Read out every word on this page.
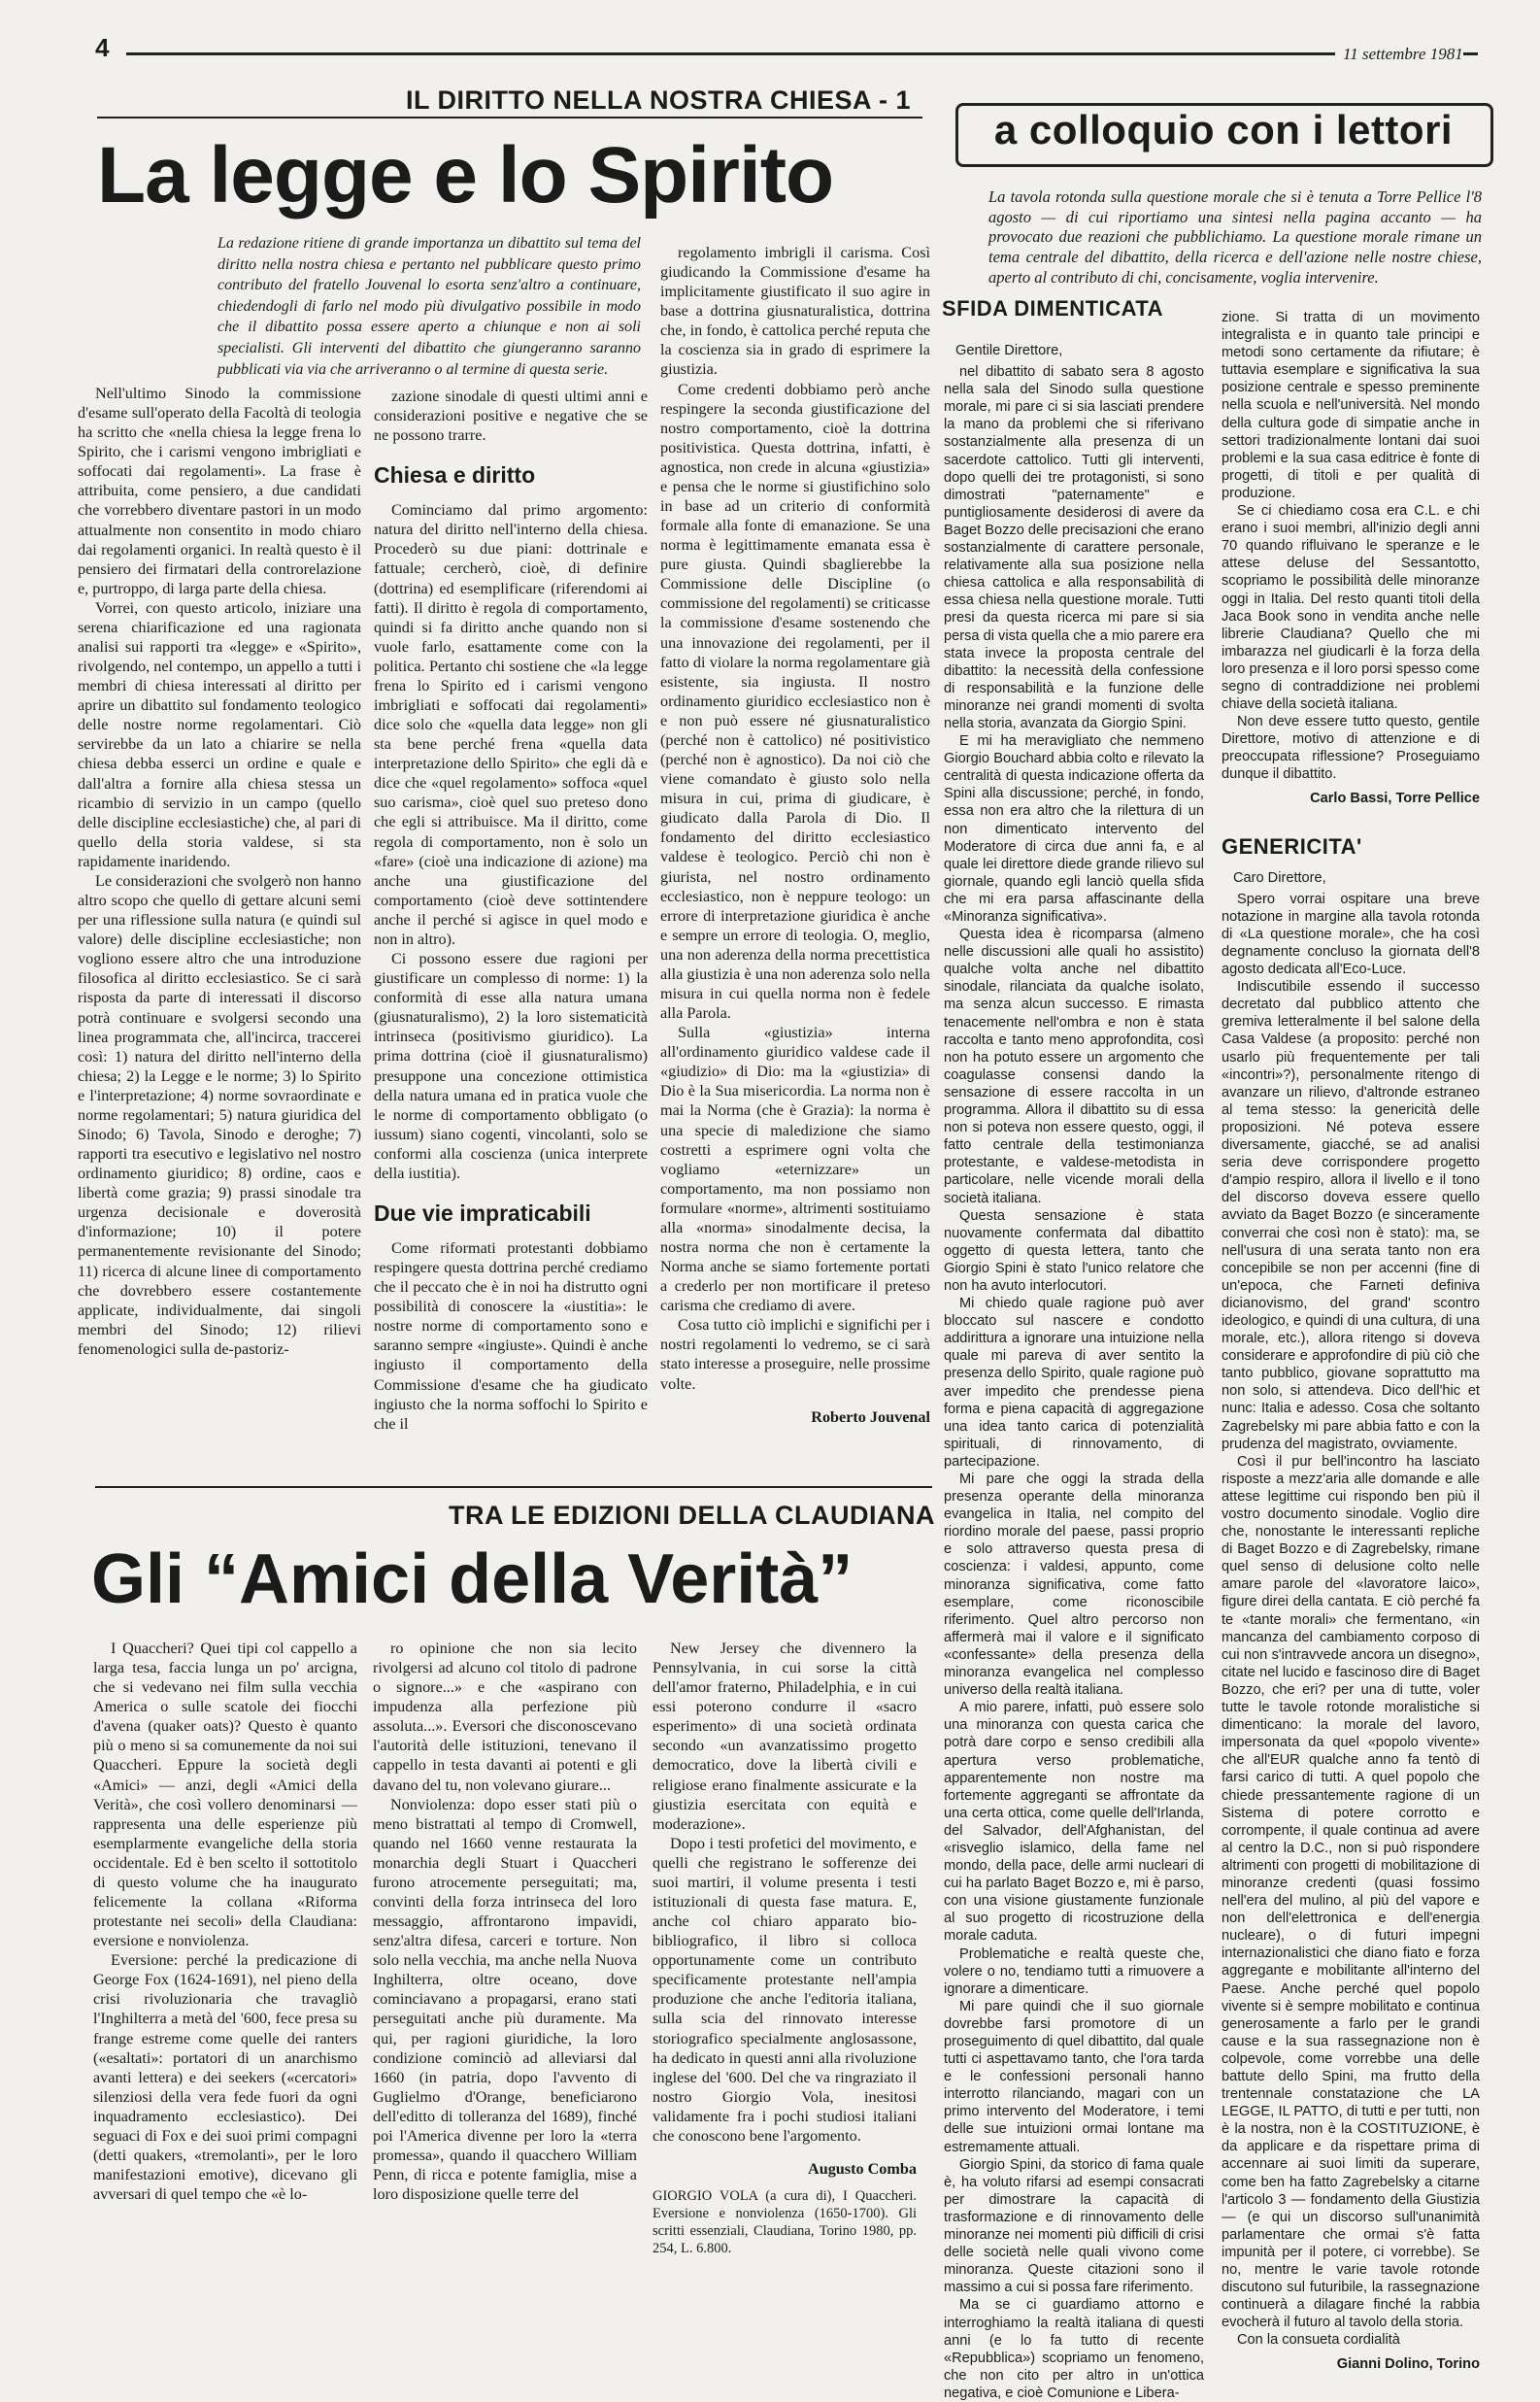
4	11 settembre 1981
IL DIRITTO NELLA NOSTRA CHIESA - 1
La legge e lo Spirito
La redazione ritiene di grande importanza un dibattito sul tema del diritto nella nostra chiesa e pertanto nel pubblicare questo primo contributo del fratello Jouvenal lo esorta senz'altro a continuare, chiedendogli di farlo nel modo più divulgativo possibile in modo che il dibattito possa essere aperto a chiunque e non ai soli specialisti. Gli interventi del dibattito che giungeranno saranno pubblicati via via che arriveranno o al termine di questa serie.

Nell'ultimo Sinodo la commissione d'esame sull'operato della Facoltà di teologia ha scritto che «nella chiesa la legge frena lo Spirito, che i carismi vengono imbrigliati e soffocati dai regolamenti». La frase è attribuita, come pensiero, a due candidati che vorrebbero diventare pastori in un modo attualmente non consentito in modo chiaro dai regolamenti organici. In realtà questo è il pensiero dei firmatari della controrelazione e, purtroppo, di larga parte della chiesa.

Vorrei, con questo articolo, iniziare una serena chiarificazione ed una ragionata analisi sui rapporti tra «legge» e «Spirito», rivolgendo, nel contempo, un appello a tutti i membri di chiesa interessati al diritto per aprire un dibattito sul fondamento teologico delle nostre norme regolamentari. Ciò servirebbe da un lato a chiarire se nella chiesa debba esserci un ordine e quale e dall'altra a fornire alla chiesa stessa un ricambio di servizio in un campo (quello delle discipline ecclesiastiche) che, al pari di quello della storia valdese, si sta rapidamente inaridendo.

Le considerazioni che svolgerò non hanno altro scopo che quello di gettare alcuni semi per una riflessione sulla natura (e quindi sul valore) delle discipline ecclesiastiche; non vogliono essere altro che una introduzione filosofica al diritto ecclesiastico. Se ci sarà risposta da parte di interessati il discorso potrà continuare e svolgersi secondo una linea programmata che, all'incirca, traccerei così: 1) natura del diritto nell'interno della chiesa; 2) la Legge e le norme; 3) lo Spirito e l'interpretazione; 4) norme sovraordinate e norme regolamentari; 5) natura giuridica del Sinodo; 6) Tavola, Sinodo e deroghe; 7) rapporti tra esecutivo e legislativo nel nostro ordinamento giuridico; 8) ordine, caos e libertà come grazia; 9) prassi sinodale tra urgenza decisionale e doverosità d'informazione; 10) il potere permanentemente revisionante del Sinodo; 11) ricerca di alcune linee di comportamento che dovrebbero essere costantemente applicate, individualmente, dai singoli membri del Sinodo; 12) rilievi fenomenologici sulla de-pastoriz-

zazione sinodale di questi ultimi anni e considerazioni positive e negative che se ne possono trarre.

Chiesa e diritto

Cominciamo dal primo argomento: natura del diritto nell'interno della chiesa. Procederò su due piani: dottrinale e fattuale; cercherò, cioè, di definire (dottrina) ed esemplificare (riferendomi ai fatti). Il diritto è regola di comportamento, quindi si fa diritto anche quando non si vuole farlo, esattamente come con la politica. Pertanto chi sostiene che «la legge frena lo Spirito ed i carismi vengono imbrigliati e soffocati dai regolamenti» dice solo che «quella data legge» non gli sta bene perché frena «quella data interpretazione dello Spirito» che egli dà e dice che «quel regolamento» soffoca «quel suo carisma», cioè quel suo preteso dono che egli si attribuisce. Ma il diritto, come regola di comportamento, non è solo un «fare» (cioè una indicazione di azione) ma anche una giustificazione del comportamento (cioè deve sottintendere anche il perché si agisce in quel modo e non in altro).

Ci possono essere due ragioni per giustificare un complesso di norme: 1) la conformità di esse alla natura umana (giusnaturalismo), 2) la loro sistematicità intrinseca (positivismo giuridico). La prima dottrina (cioè il giusnaturalismo) presuppone una concezione ottimistica della natura umana ed in pratica vuole che le norme di comportamento obbligato (o iussum) siano cogenti, vincolanti, solo se conformi alla coscienza (unica interprete della iustitia).

Due vie impraticabili

Come riformati protestanti dobbiamo respingere questa dottrina perché crediamo che il peccato che è in noi ha distrutto ogni possibilità di conoscere la «iustitia»: le nostre norme di comportamento sono e saranno sempre «ingiuste». Quindi è anche ingiusto il comportamento della Commissione d'esame che ha giudicato ingiusto che la norma soffochi lo Spirito e che il

regolamento imbrigli il carisma. Così giudicando la Commissione d'esame ha implicitamente giustificato il suo agire in base a dottrina giusnaturalistica, dottrina che, in fondo, è cattolica perché reputa che la coscienza sia in grado di esprimere la giustizia.

Come credenti dobbiamo però anche respingere la seconda giustificazione del nostro comportamento, cioè la dottrina positivistica. Questa dottrina, infatti, è agnostica, non crede in alcuna «giustizia» e pensa che le norme si giustifichino solo in base ad un criterio di conformità formale alla fonte di emanazione. Se una norma è legittimamente emanata essa è pure giusta. Quindi sbaglierebbe la Commissione delle Discipline (o commissione del regolamenti) se criticasse la commissione d'esame sostenendo che una innovazione dei regolamenti, per il fatto di violare la norma regolamentare già esistente, sia ingiusta. Il nostro ordinamento giuridico ecclesiastico non è e non può essere né giusnaturalistico (perché non è cattolico) né positivistico (perché non è agnostico). Da noi ciò che viene comandato è giusto solo nella misura in cui, prima di giudicare, è giudicato dalla Parola di Dio. Il fondamento del diritto ecclesiastico valdese è teologico. Perciò chi non è giurista, nel nostro ordinamento ecclesiastico, non è neppure teologo: un errore di interpretazione giuridica è anche e sempre un errore di teologia. O, meglio, una non aderenza della norma precettistica alla giustizia è una non aderenza solo nella misura in cui quella norma non è fedele alla Parola.

Sulla «giustizia» interna all'ordinamento giuridico valdese cade il «giudizio» di Dio: ma la «giustizia» di Dio è la Sua misericordia. La norma non è mai la Norma (che è Grazia): la norma è una specie di maledizione che siamo costretti a esprimere ogni volta che vogliamo «eternizzare» un comportamento, ma non possiamo non formulare «norme», altrimenti sostituiamo alla «norma» sinodalmente decisa, la nostra norma che non è certamente la Norma anche se siamo fortemente portati a crederlo per non mortificare il preteso carisma che crediamo di avere.

Cosa tutto ciò implichi e significhi per i nostri regolamenti lo vedremo, se ci sarà stato interesse a proseguire, nelle prossime volte.

Roberto Jouvenal

TRA LE EDIZIONI DELLA CLAUDIANA
Gli “Amici della Verità”

I Quaccheri? Quei tipi col cappello a larga tesa, faccia lunga un po' arcigna, che si vedevano nei film sulla vecchia America o sulle scatole dei fiocchi d'avena (quaker oats)? Questo è quanto più o meno si sa comunemente da noi sui Quaccheri. Eppure la società degli «Amici» — anzi, degli «Amici della Verità», che così vollero denominarsi — rappresenta una delle esperienze più esemplarmente evangeliche della storia occidentale. Ed è ben scelto il sottotitolo di questo volume che ha inaugurato felicemente la collana «Riforma protestante nei secoli» della Claudiana: eversione e nonviolenza.

Eversione: perché la predicazione di George Fox (1624-1691), nel pieno della crisi rivoluzionaria che travagliò l'Inghilterra a metà del '600, fece presa su frange estreme come quelle dei ranters («esaltati»: portatori di un anarchismo avanti lettera) e dei seekers («cercatori» silenziosi della vera fede fuori da ogni inquadramento ecclesiastico). Dei seguaci di Fox e dei suoi primi compagni (detti quakers, «tremolanti», per le loro manifestazioni emotive), dicevano gli avversari di quel tempo che «è lo-

ro opinione che non sia lecito rivolgersi ad alcuno col titolo di padrone o signore...» e che «aspirano con impudenza alla perfezione più assoluta...». Eversori che disconoscevano l'autorità delle istituzioni, tenevano il cappello in testa davanti ai potenti e gli davano del tu, non volevano giurare...

Nonviolenza: dopo esser stati più o meno bistrattati al tempo di Cromwell, quando nel 1660 venne restaurata la monarchia degli Stuart i Quaccheri furono atrocemente perseguitati; ma, convinti della forza intrinseca del loro messaggio, affrontarono impavidi, senz'altra difesa, carceri e torture. Non solo nella vecchia, ma anche nella Nuova Inghilterra, oltre oceano, dove cominciavano a propagarsi, erano stati perseguitati anche più duramente. Ma qui, per ragioni giuridiche, la loro condizione cominciò ad alleviarsi dal 1660 (in patria, dopo l'avvento di Guglielmo d'Orange, beneficiarono dell'editto di tolleranza del 1689), finché poi l'America divenne per loro la «terra promessa», quando il quacchero William Penn, di ricca e potente famiglia, mise a loro disposizione quelle terre del

New Jersey che divennero la Pennsylvania, in cui sorse la città dell'amor fraterno, Philadelphia, e in cui essi poterono condurre il «sacro esperimento» di una società ordinata secondo «un avanzatissimo progetto democratico, dove la libertà civili e religiose erano finalmente assicurate e la giustizia esercitata con equità e moderazione».

Dopo i testi profetici del movimento, e quelli che registrano le sofferenze dei suoi martiri, il volume presenta i testi istituzionali di questa fase matura. E, anche col chiaro apparato bio-bibliografico, il libro si colloca opportunamente come un contributo specificamente protestante nell'ampia produzione che anche l'editoria italiana, sulla scia del rinnovato interesse storiografico specialmente anglosassone, ha dedicato in questi anni alla rivoluzione inglese del '600. Del che va ringraziato il nostro Giorgio Vola, inesitosi validamente fra i pochi studiosi italiani che conoscono bene l'argomento.

Augusto Comba

GIORGIO VOLA (a cura di), I Quaccheri. Eversione e nonviolenza (1650-1700). Gli scritti essenziali, Claudiana, Torino 1980, pp. 254, L. 6.800.

a colloquio con i lettori
La tavola rotonda sulla questione morale che si è tenuta a Torre Pellice l'8 agosto — di cui riportiamo una sintesi nella pagina accanto — ha provocato due reazioni che pubblichiamo. La questione morale rimane un tema centrale del dibattito, della ricerca e dell'azione nelle nostre chiese, aperto al contributo di chi, concisamente, voglia intervenire.
SFIDA DIMENTICATA

Gentile Direttore,

nel dibattito di sabato sera 8 agosto nella sala del Sinodo sulla questione morale, mi pare ci si sia lasciati prendere la mano da problemi che si riferivano sostanzialmente alla presenza di un sacerdote cattolico. Tutti gli interventi, dopo quelli dei tre protagonisti, si sono dimostrati "paternamente" e puntigliosamente desiderosi di avere da Baget Bozzo delle precisazioni che erano sostanzialmente di carattere personale, relativamente alla sua posizione nella chiesa cattolica e alla responsabilità di essa chiesa nella questione morale. Tutti presi da questa ricerca mi pare si sia persa di vista quella che a mio parere era stata invece la proposta centrale del dibattito: la necessità della confessione di responsabilità e la funzione delle minoranze nei grandi momenti di svolta nella storia, avanzata da Giorgio Spini.

E mi ha meravigliato che nemmeno Giorgio Bouchard abbia colto e rilevato la centralità di questa indicazione offerta da Spini alla discussione; perché, in fondo, essa non era altro che la rilettura di un non dimenticato intervento del Moderatore di circa due anni fa, e al quale lei direttore diede grande rilievo sul giornale, quando egli lanciò quella sfida che mi era parsa affascinante della «Minoranza significativa».

Questa idea è ricomparsa (almeno nelle discussioni alle quali ho assistito) qualche volta anche nel dibattito sinodale, rilanciata da qualche isolato, ma senza alcun successo. E rimasta tenacemente nell'ombra e non è stata raccolta e tanto meno approfondita, così non ha potuto essere un argomento che coagulasse consensi dando la sensazione di essere raccolta in un programma. Allora il dibattito su di essa non si poteva non essere questo, oggi, il fatto centrale della testimonianza protestante, e valdese-metodista in particolare, nelle vicende morali della società italiana.

Questa sensazione è stata nuovamente confermata dal dibattito oggetto di questa lettera, tanto che Giorgio Spini è stato l'unico relatore che non ha avuto interlocutori.

Mi chiedo quale ragione può aver bloccato sul nascere e condotto addirittura a ignorare una intuizione nella quale mi pareva di aver sentito la presenza dello Spirito, quale ragione può aver impedito che prendesse piena forma e piena capacità di aggregazione una idea tanto carica di potenzialità spirituali, di rinnovamento, di partecipazione.

Mi pare che oggi la strada della presenza operante della minoranza evangelica in Italia, nel compito del riordino morale del paese, passi proprio e solo attraverso questa presa di coscienza: i valdesi, appunto, come minoranza significativa, come fatto esemplare, come riconoscibile riferimento. Quel altro percorso non affermerà mai il valore e il significato «confessante» della presenza della minoranza evangelica nel complesso universo della realtà italiana.

A mio parere, infatti, può essere solo una minoranza con questa carica che potrà dare corpo e senso credibili alla apertura verso problematiche, apparentemente non nostre ma fortemente aggreganti se affrontate da una certa ottica, come quelle dell'Irlanda, del Salvador, dell'Afghanistan, del «risveglio islamico, della fame nel mondo, della pace, delle armi nucleari di cui ha parlato Baget Bozzo e, mi è parso, con una visione giustamente funzionale al suo progetto di ricostruzione della morale caduta.

Problematiche e realtà queste che, volere o no, tendiamo tutti a rimuovere a ignorare a dimenticare.

Mi pare quindi che il suo giornale dovrebbe farsi promotore di un proseguimento di quel dibattito, dal quale tutti ci aspettavamo tanto, che l'ora tarda e le confessioni personali hanno interrotto rilanciando, magari con un primo intervento del Moderatore, i temi delle sue intuizioni ormai lontane ma estremamente attuali.

Giorgio Spini, da storico di fama quale è, ha voluto rifarsi ad esempi consacrati per dimostrare la capacità di trasformazione e di rinnovamento delle minoranze nei momenti più difficili di crisi delle società nelle quali vivono come minoranza. Queste citazioni sono il massimo a cui si possa fare riferimento.

Ma se ci guardiamo attorno e interroghiamo la realtà italiana di questi anni (e lo fa tutto di recente «Repubblica») scopriamo un fenomeno, che non cito per altro in un'ottica negativa, e cioè Comunione e Libera-

zione. Si tratta di un movimento integralista e in quanto tale principi e metodi sono certamente da rifiutare; è tuttavia esemplare e significativa la sua posizione centrale e spesso preminente nella scuola e nell'università. Nel mondo della cultura gode di simpatie anche in settori tradizionalmente lontani dai suoi problemi e la sua casa editrice è fonte di progetti, di titoli e per qualità di produzione.

Se ci chiediamo cosa era C.L. e chi erano i suoi membri, all'inizio degli anni 70 quando rifluivano le speranze e le attese deluse del Sessantotto, scopriamo le possibilità delle minoranze oggi in Italia. Del resto quanti titoli della Jaca Book sono in vendita anche nelle librerie Claudiana? Quello che mi imbarazza nel giudicarli è la forza della loro presenza e il loro porsi spesso come segno di contraddizione nei problemi chiave della società italiana.

Non deve essere tutto questo, gentile Direttore, motivo di attenzione e di preoccupata riflessione? Proseguiamo dunque il dibattito.

Carlo Bassi, Torre Pellice

GENERICITA'

Caro Direttore,

Spero vorrai ospitare una breve notazione in margine alla tavola rotonda di «La questione morale», che ha così degnamente concluso la giornata dell'8 agosto dedicata all'Eco-Luce.

Indiscutibile essendo il successo decretato dal pubblico attento che gremiva letteralmente il bel salone della Casa Valdese (a proposito: perché non usarlo più frequentemente per tali «incontri»?), personalmente ritengo di avanzare un rilievo, d'altronde estraneo al tema stesso: la genericità delle proposizioni. Né poteva essere diversamente, giacché, se ad analisi seria deve corrispondere progetto d'ampio respiro, allora il livello e il tono del discorso doveva essere quello avviato da Baget Bozzo (e sinceramente converrai che così non è stato): ma, se nell'usura di una serata tanto non era concepibile se non per accenni (fine di un'epoca, che Farneti definiva dicianovismo, del grand' scontro ideologico, e quindi di una cultura, di una morale, etc.), allora ritengo si doveva considerare e approfondire di più ciò che tanto pubblico, giovane soprattutto ma non solo, si attendeva. Dico dell'hic et nunc: Italia e adesso. Cosa che soltanto Zagrebelsky mi pare abbia fatto e con la prudenza del magistrato, ovviamente.

Così il pur bell'incontro ha lasciato risposte a mezz'aria alle domande e alle attese legittime cui rispondo ben più il vostro documento sinodale. Voglio dire che, nonostante le interessanti repliche di Baget Bozzo e di Zagrebelsky, rimane quel senso di delusione colto nelle amare parole del «lavoratore laico», figure direi della cantata. E ciò perché fa te «tante morali» che fermentano, «in mancanza del cambiamento corposo di cui non s'intravvede ancora un disegno», citate nel lucido e fascinoso dire di Baget Bozzo, che eri? per una di tutte, voler tutte le tavole rotonde moralistiche si dimenticano: la morale del lavoro, impersonata da quel «popolo vivente» che all'EUR qualche anno fa tentò di farsi carico di tutti. A quel popolo che chiede pressantemente ragione di un Sistema di potere corrotto e corrompente, il quale continua ad avere al centro la D.C., non si può rispondere altrimenti con progetti di mobilitazione di minoranze credenti (quasi fossimo nell'era del mulino, al più del vapore e non dell'elettronica e dell'energia nucleare), o di futuri impegni internazionalistici che diano fiato e forza aggregante e mobilitante all'interno del Paese. Anche perché quel popolo vivente si è sempre mobilitato e continua generosamente a farlo per le grandi cause e la sua rassegnazione non è colpevole, come vorrebbe una delle battute dello Spini, ma frutto della trentennale constatazione che LA LEGGE, IL PATTO, di tutti e per tutti, non è la nostra, non è la COSTITUZIONE, è da applicare e da rispettare prima di accennare ai suoi limiti da superare, come ben ha fatto Zagrebelsky a citarne l'articolo 3 — fondamento della Giustizia — (e qui un discorso sull'unanimità parlamentare che ormai s'è fatta impunità per il potere, ci vorrebbe). Se no, mentre le varie tavole rotonde discutono sul futuribile, la rassegnazione continuerà a dilagare finché la rabbia evocherà il futuro al tavolo della storia.

Con la consueta cordialità

Gianni Dolino, Torino
